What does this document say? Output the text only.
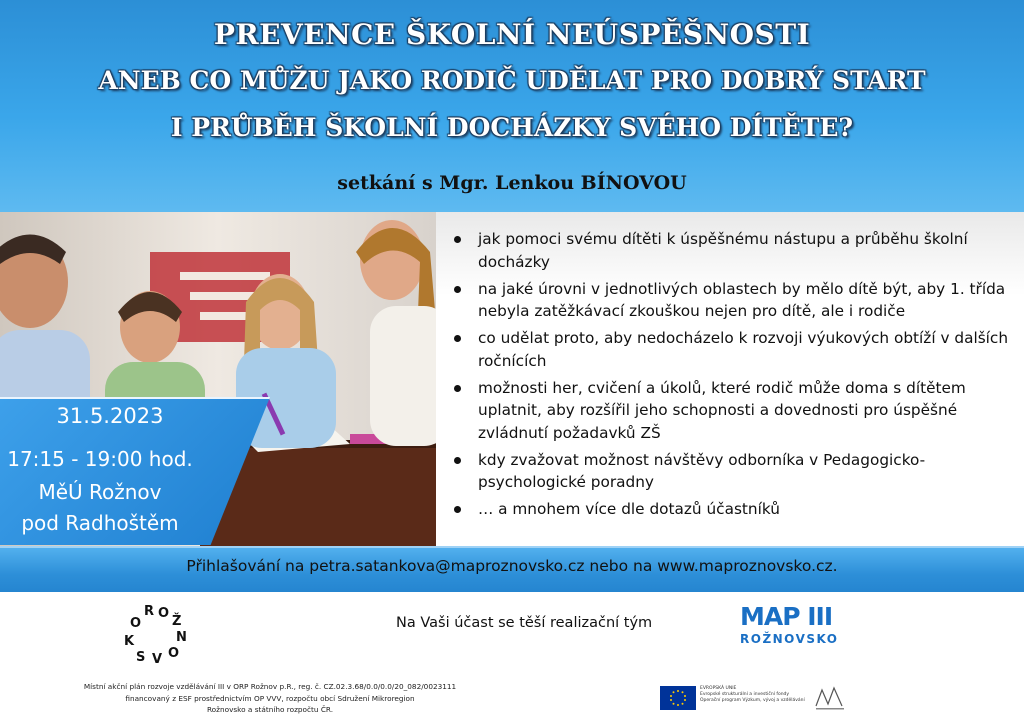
PREVENCE ŠKOLNÍ NEÚSPĚŠNOSTI
ANEB CO MŮŽU JAKO RODIČ UDĚLAT PRO DOBRÝ START
I PRŮBĚH ŠKOLNÍ DOCHÁZKY SVÉHO DÍTĚTE?
setkání s Mgr. Lenkou BÍNOVOU
31.5.2023
17:15 - 19:00 hod.
MěÚ Rožnov
pod Radhoštěm
jak pomoci svému dítěti k úspěšnému nástupu a průběhu školní docházky
na jaké úrovni v jednotlivých oblastech by mělo dítě být, aby 1. třída nebyla zatěžkávací zkouškou nejen pro dítě, ale i rodiče
co udělat proto, aby nedocházelo k rozvoji výukových obtíží v dalších ročnících
možnosti her, cvičení a úkolů, které rodič může doma s dítětem uplatnit, aby rozšířil jeho schopnosti a dovednosti pro úspěšné zvládnutí požadavků ZŠ
kdy zvažovat možnost návštěvy odborníka v Pedagogicko-psychologické poradny
… a mnohem více dle dotazů účastníků
Přihlašování na petra.satankova@maproznovsko.cz nebo na www.maproznovsko.cz.
R O
Ž
N
O
V
S
K
O	Na Vaši účast se těší realizační tým	MAP III
ROŽNOVSKO
Místní akční plán rozvoje vzdělávání III v ORP Rožnov p.R., reg. č. CZ.02.3.68/0.0/0.0/20_082/0023111
financovaný z ESF prostřednictvím OP VVV, rozpočtu obcí Sdružení Mikroregion
Rožnovsko a státního rozpočtu ČR.
EVROPSKÁ UNIE
Evropské strukturální a investiční fondy
Operační program Výzkum, vývoj a vzdělávání
